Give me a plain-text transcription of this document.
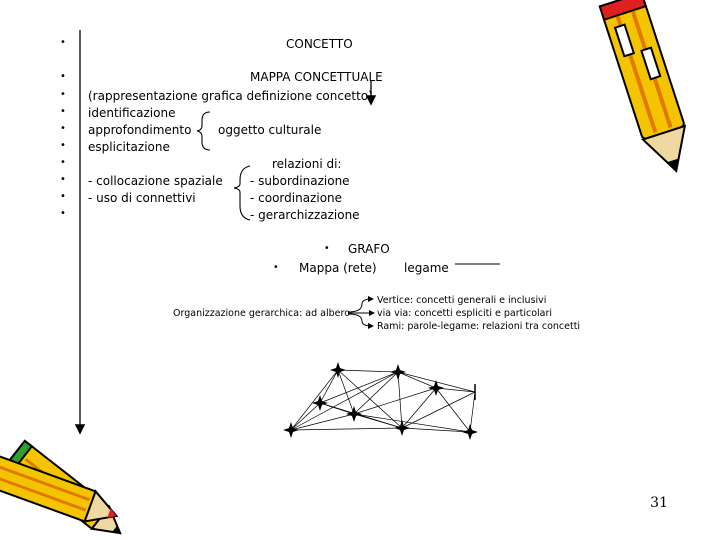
•
•
•
•
•
•
•
•
•
•
CONCETTO
MAPPA CONCETTUALE
(rappresentazione grafica definizione concetto)
identificazione
approfondimento oggetto culturale
esplicitazione
- collocazione spaziale
- uso di connettivi
relazioni di:
- subordinazione
- coordinazione
- gerarchizzazione
• GRAFO
• Mappa (rete) legame
Organizzazione gerarchica: ad albero
Vertice: concetti generali e inclusivi
via via: concetti espliciti e particolari
Rami: parole-legame: relazioni tra concetti
31
